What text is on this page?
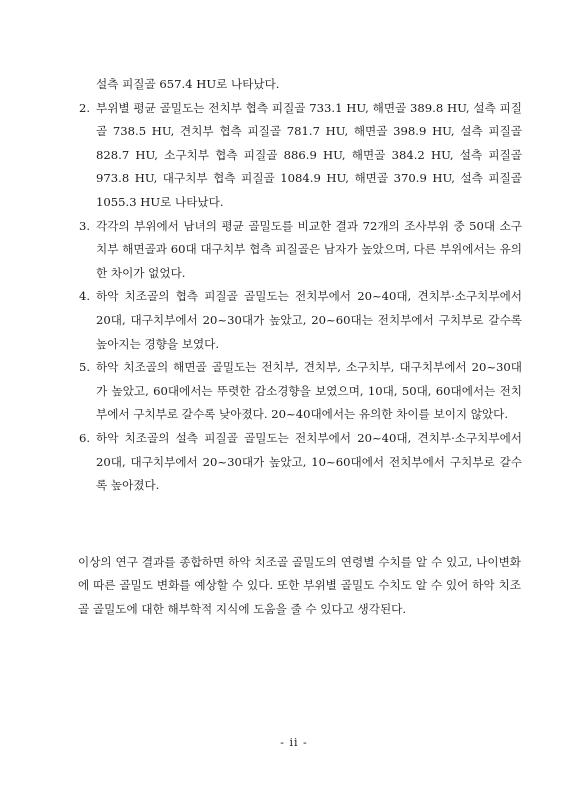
설측 피질골 657.4 HU로 나타났다.
2. 부위별 평균 골밀도는 전치부 협측 피질골 733.1 HU, 해면골 389.8 HU, 설측 피질골 738.5 HU, 견치부 협측 피질골 781.7 HU, 해면골 398.9 HU, 설측 피질골 828.7 HU, 소구치부 협측 피질골 886.9 HU, 해면골 384.2 HU, 설측 피질골 973.8 HU, 대구치부 협측 피질골 1084.9 HU, 해면골 370.9 HU, 설측 피질골 1055.3 HU로 나타났다.
3. 각각의 부위에서 남녀의 평균 골밀도를 비교한 결과 72개의 조사부위 중 50대 소구치부 해면골과 60대 대구치부 협측 피질골은 남자가 높았으며, 다른 부위에서는 유의한 차이가 없었다.
4. 하악 치조골의 협측 피질골 골밀도는 전치부에서 20~40대, 견치부·소구치부에서 20대, 대구치부에서 20~30대가 높았고, 20~60대는 전치부에서 구치부로 갈수록 높아지는 경향을 보였다.
5. 하악 치조골의 해면골 골밀도는 전치부, 견치부, 소구치부, 대구치부에서 20~30대가 높았고, 60대에서는 뚜렷한 감소경향을 보였으며, 10대, 50대, 60대에서는 전치부에서 구치부로 갈수록 낮아졌다. 20~40대에서는 유의한 차이를 보이지 않았다.
6. 하악 치조골의 설측 피질골 골밀도는 전치부에서 20~40대, 견치부·소구치부에서 20대, 대구치부에서 20~30대가 높았고, 10~60대에서 전치부에서 구치부로 갈수록 높아졌다.

이상의 연구 결과를 종합하면 하악 치조골 골밀도의 연령별 수치를 알 수 있고, 나이변화에 따른 골밀도 변화를 예상할 수 있다. 또한 부위별 골밀도 수치도 알 수 있어 하악 치조골 골밀도에 대한 해부학적 지식에 도움을 줄 수 있다고 생각된다.

- ii -
